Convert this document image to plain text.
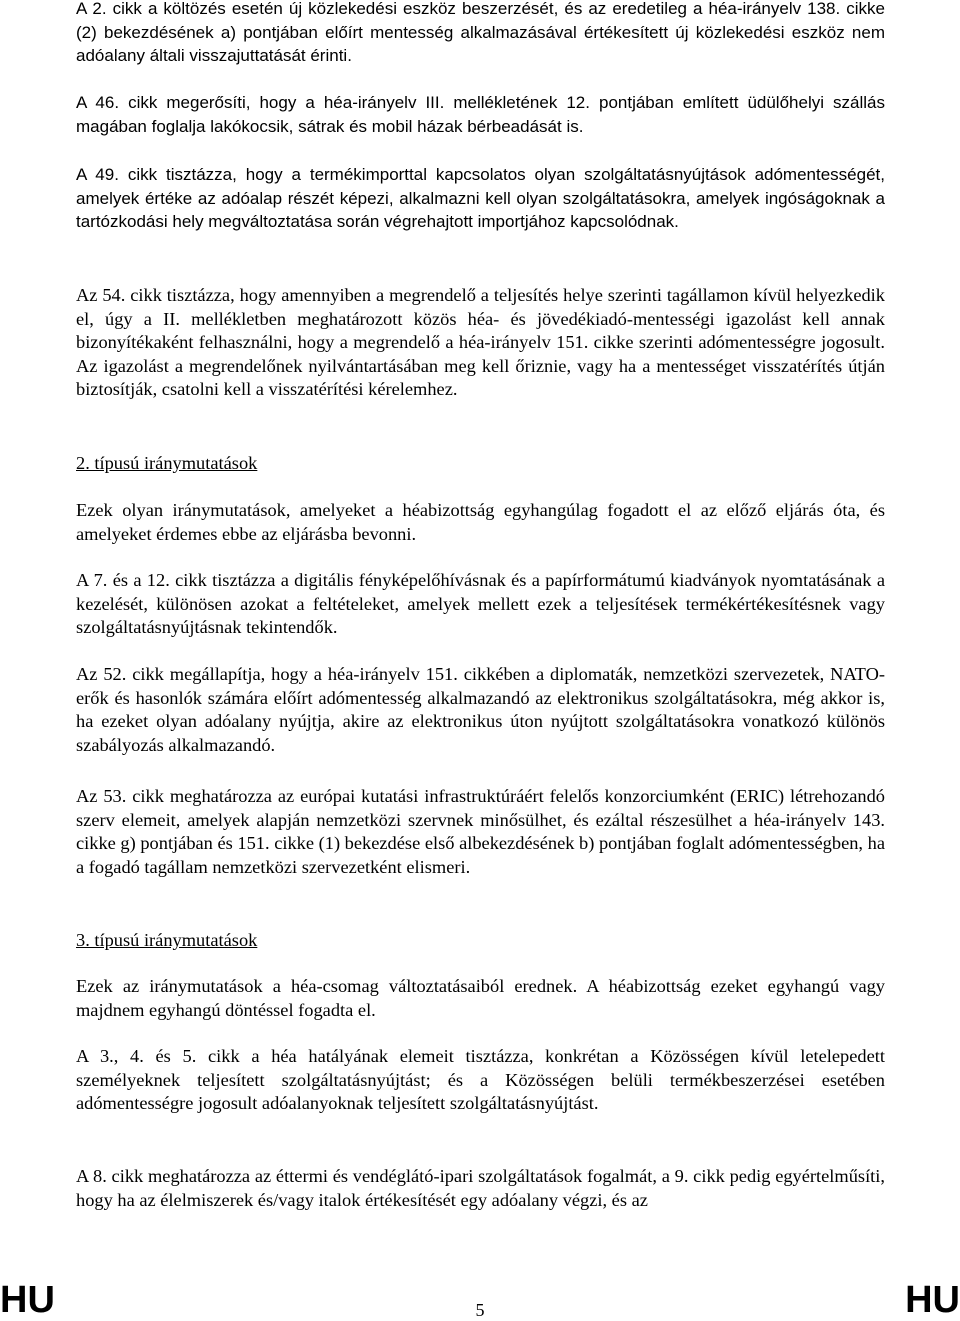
A 2. cikk a költözés esetén új közlekedési eszköz beszerzését, és az eredetileg a héa-irányelv 138. cikke (2) bekezdésének a) pontjában előírt mentesség alkalmazásával értékesített új közlekedési eszköz nem adóalany általi visszajuttatását érinti.

A 46. cikk megerősíti, hogy a héa-irányelv III. mellékletének 12. pontjában említett üdülőhelyi szállás magában foglalja lakókocsik, sátrak és mobil házak bérbeadását is.

A 49. cikk tisztázza, hogy a termékimporttal kapcsolatos olyan szolgáltatásnyújtások adómentességét, amelyek értéke az adóalap részét képezi, alkalmazni kell olyan szolgáltatásokra, amelyek ingóságoknak a tartózkodási hely megváltoztatása során végrehajtott importjához kapcsolódnak.

Az 54. cikk tisztázza, hogy amennyiben a megrendelő a teljesítés helye szerinti tagállamon kívül helyezkedik el, úgy a II. mellékletben meghatározott közös héa- és jövedékiadó-mentességi igazolást kell annak bizonyítékaként felhasználni, hogy a megrendelő a héa-irányelv 151. cikke szerinti adómentességre jogosult. Az igazolást a megrendelőnek nyilvántartásában meg kell őriznie, vagy ha a mentességet visszatérítés útján biztosítják, csatolni kell a visszatérítési kérelemhez.

2. típusú iránymutatások

Ezek olyan iránymutatások, amelyeket a héabizottság egyhangúlag fogadott el az előző eljárás óta, és amelyeket érdemes ebbe az eljárásba bevonni.

A 7. és a 12. cikk tisztázza a digitális fényképelőhívásnak és a papírformátumú kiadványok nyomtatásának a kezelését, különösen azokat a feltételeket, amelyek mellett ezek a teljesítések termékértékesítésnek vagy szolgáltatásnyújtásnak tekintendők.

Az 52. cikk megállapítja, hogy a héa-irányelv 151. cikkében a diplomaták, nemzetközi szervezetek, NATO-erők és hasonlók számára előírt adómentesség alkalmazandó az elektronikus szolgáltatásokra, még akkor is, ha ezeket olyan adóalany nyújtja, akire az elektronikus úton nyújtott szolgáltatásokra vonatkozó különös szabályozás alkalmazandó.

Az 53. cikk meghatározza az európai kutatási infrastruktúráért felelős konzorciumként (ERIC) létrehozandó szerv elemeit, amelyek alapján nemzetközi szervnek minősülhet, és ezáltal részesülhet a héa-irányelv 143. cikke g) pontjában és 151. cikke (1) bekezdése első albekezdésének b) pontjában foglalt adómentességben, ha a fogadó tagállam nemzetközi szervezetként elismeri.

3. típusú iránymutatások

Ezek az iránymutatások a héa-csomag változtatásaiból erednek. A héabizottság ezeket egyhangú vagy majdnem egyhangú döntéssel fogadta el.

A 3., 4. és 5. cikk a héa hatályának elemeit tisztázza, konkrétan a Közösségen kívül letelepedett személyeknek teljesített szolgáltatásnyújtást; és a Közösségen belüli termékbeszerzései esetében adómentességre jogosult adóalanyoknak teljesített szolgáltatásnyújtást.

A 8. cikk meghatározza az éttermi és vendéglátó-ipari szolgáltatások fogalmát, a 9. cikk pedig egyértelműsíti, hogy ha az élelmiszerek és/vagy italok értékesítését egy adóalany végzi, és az

HU	5	HU
